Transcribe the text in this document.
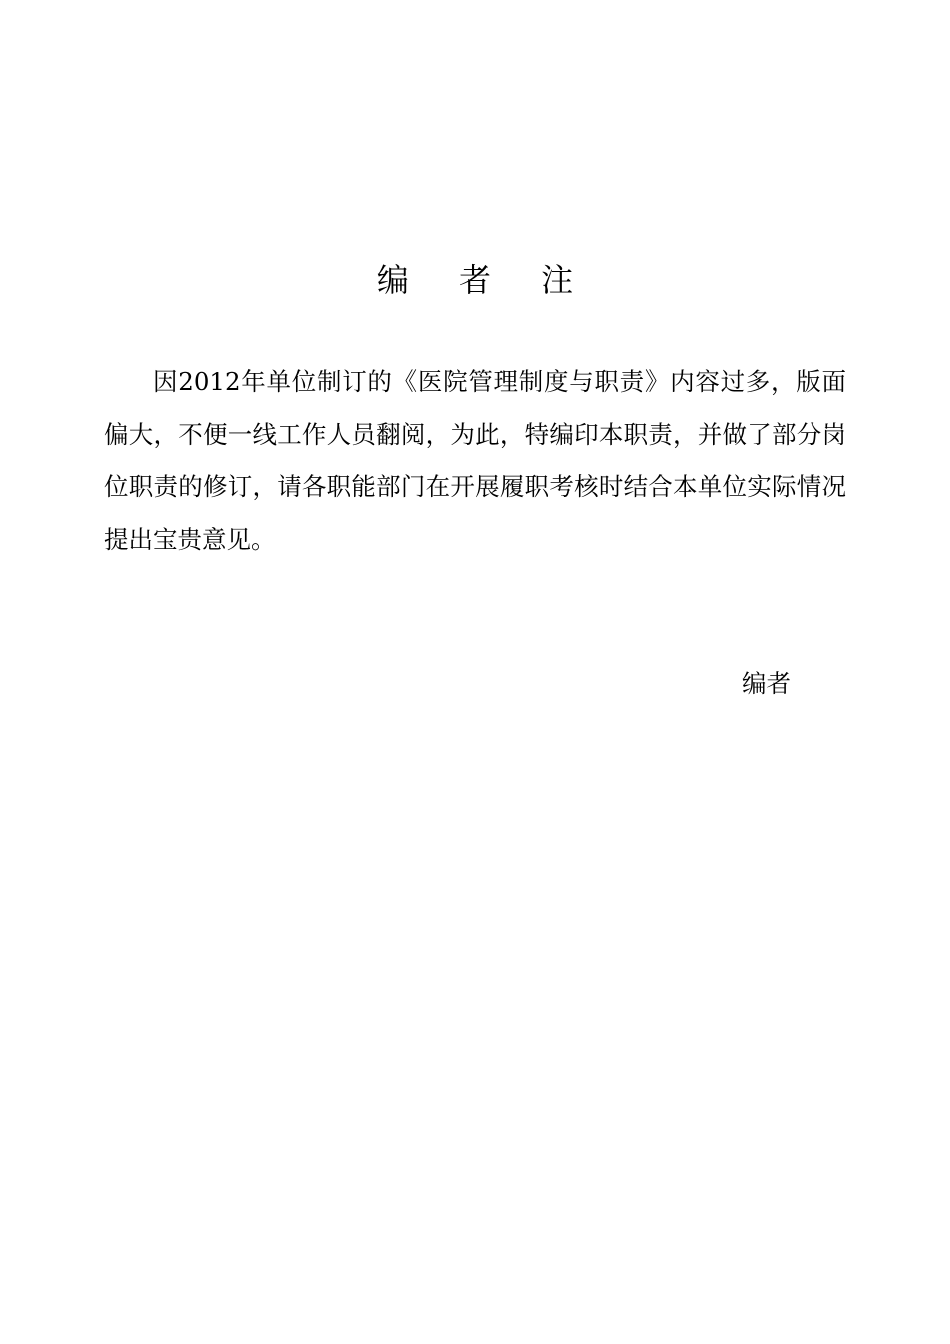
编 者 注
因2012年单位制订的《医院管理制度与职责》内容过多，版面偏大，不便一线工作人员翻阅，为此，特编印本职责，并做了部分岗位职责的修订，请各职能部门在开展履职考核时结合本单位实际情况提出宝贵意见。
编者
